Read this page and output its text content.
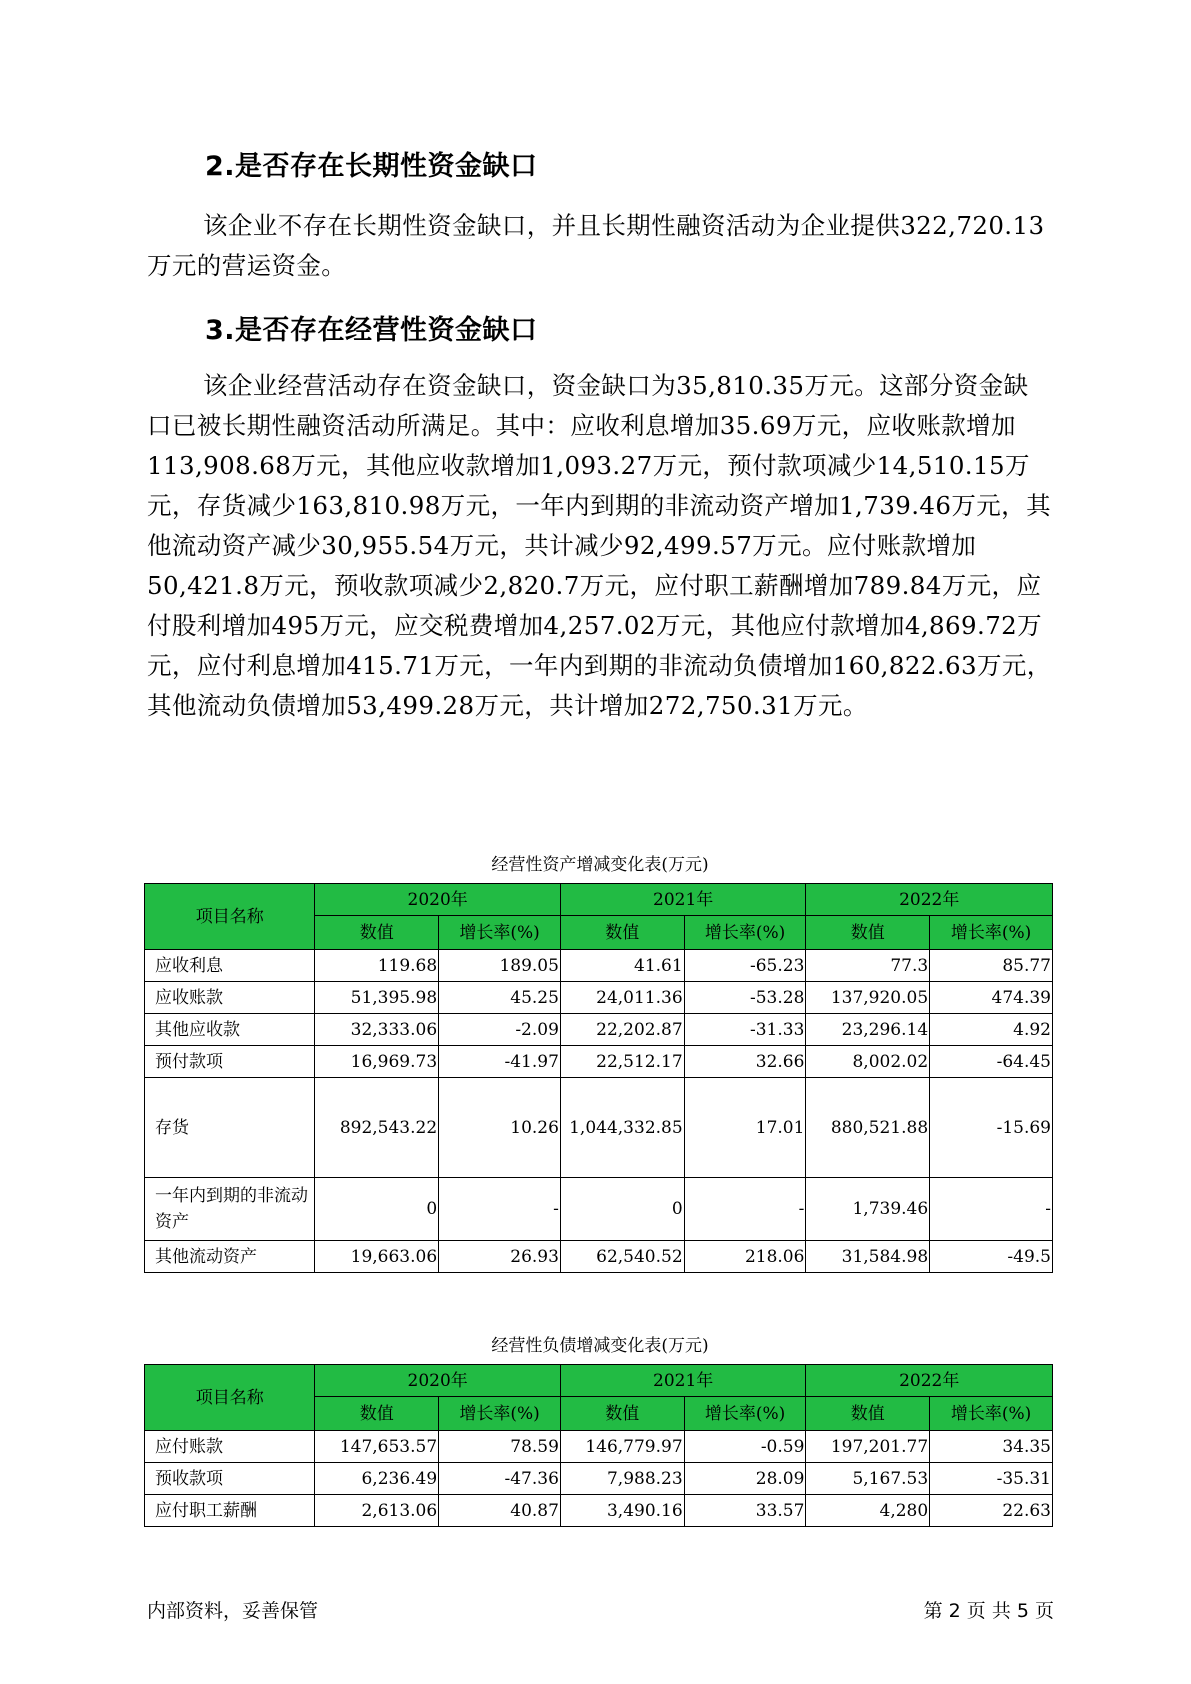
2.是否存在长期性资金缺口

该企业不存在长期性资金缺口，并且长期性融资活动为企业提供322,720.13万元的营运资金。

3.是否存在经营性资金缺口

该企业经营活动存在资金缺口，资金缺口为35,810.35万元。这部分资金缺口已被长期性融资活动所满足。其中：应收利息增加35.69万元，应收账款增加113,908.68万元，其他应收款增加1,093.27万元，预付款项减少14,510.15万元，存货减少163,810.98万元，一年内到期的非流动资产增加1,739.46万元，其他流动资产减少30,955.54万元，共计减少92,499.57万元。应付账款增加50,421.8万元，预收款项减少2,820.7万元，应付职工薪酬增加789.84万元，应付股利增加495万元，应交税费增加4,257.02万元，其他应付款增加4,869.72万元，应付利息增加415.71万元，一年内到期的非流动负债增加160,822.63万元，其他流动负债增加53,499.28万元，共计增加272,750.31万元。

经营性资产增减变化表(万元)
项目名称	2020年		2021年		2022年	
	数值	增长率(%)	数值	增长率(%)	数值	增长率(%)
应收利息	119.68	189.05	41.61	-65.23	77.3	85.77
应收账款	51,395.98	45.25	24,011.36	-53.28	137,920.05	474.39
其他应收款	32,333.06	-2.09	22,202.87	-31.33	23,296.14	4.92
预付款项	16,969.73	-41.97	22,512.17	32.66	8,002.02	-64.45
存货	892,543.22	10.26	1,044,332.85	17.01	880,521.88	-15.69
一年内到期的非流动资产	0	-	0	-	1,739.46	-
其他流动资产	19,663.06	26.93	62,540.52	218.06	31,584.98	-49.5
经营性负债增减变化表(万元)
项目名称	2020年		2021年		2022年	
	数值	增长率(%)	数值	增长率(%)	数值	增长率(%)
应付账款	147,653.57	78.59	146,779.97	-0.59	197,201.77	34.35
预收款项	6,236.49	-47.36	7,988.23	28.09	5,167.53	-35.31
应付职工薪酬	2,613.06	40.87	3,490.16	33.57	4,280	22.63
内部资料，妥善保管	第 2 页 共 5 页
